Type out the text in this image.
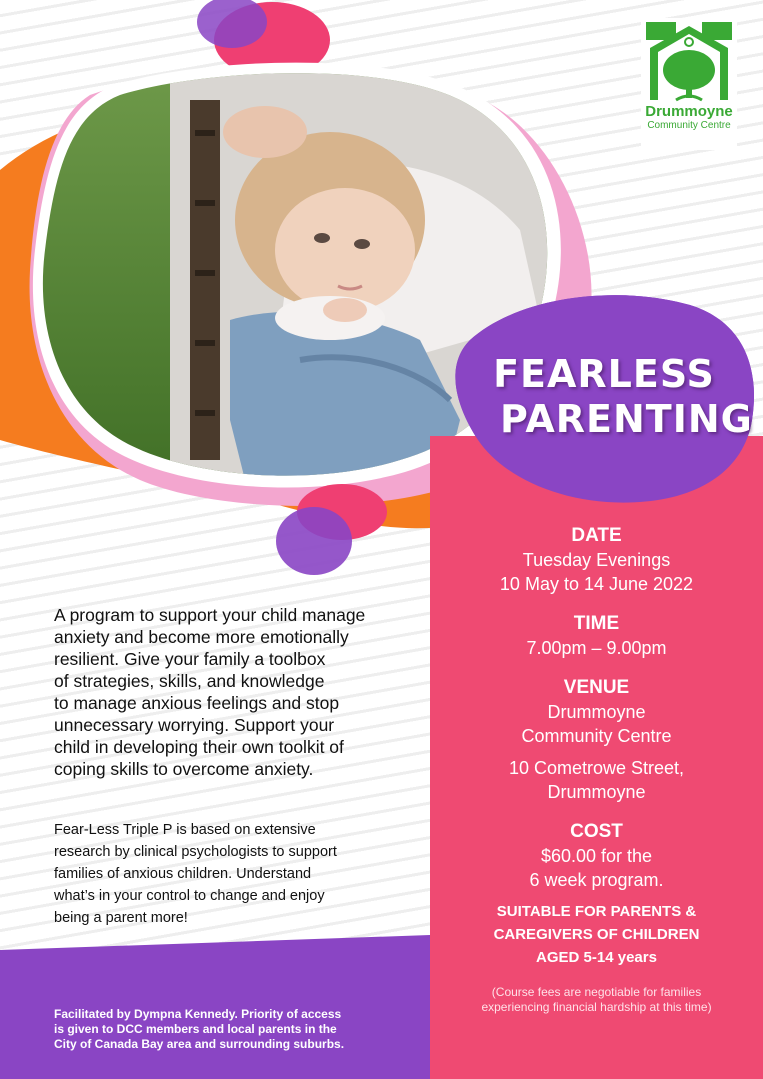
Drummoyne
Community Centre
FEARLESS
PARENTING
DATE
Tuesday Evenings
10 May to 14 June 2022
TIME
7.00pm – 9.00pm
VENUE
Drummoyne
Community Centre
10 Cometrowe Street,
Drummoyne
COST
$60.00 for the
6 week program.
SUITABLE FOR PARENTS &
CAREGIVERS OF CHILDREN
AGED 5-14 years
(Course fees are negotiable for families
experiencing financial hardship at this time)
A program to support your child manage
anxiety and become more emotionally
resilient. Give your family a toolbox
of strategies, skills, and knowledge
to manage anxious feelings and stop
unnecessary worrying. Support your
child in developing their own toolkit of
coping skills to overcome anxiety.
Fear-Less Triple P is based on extensive
research by clinical psychologists to support
families of anxious children. Understand
what’s in your control to change and enjoy
being a parent more!
Facilitated by Dympna Kennedy. Priority of access
is given to DCC members and local parents in the
City of Canada Bay area and surrounding suburbs.
